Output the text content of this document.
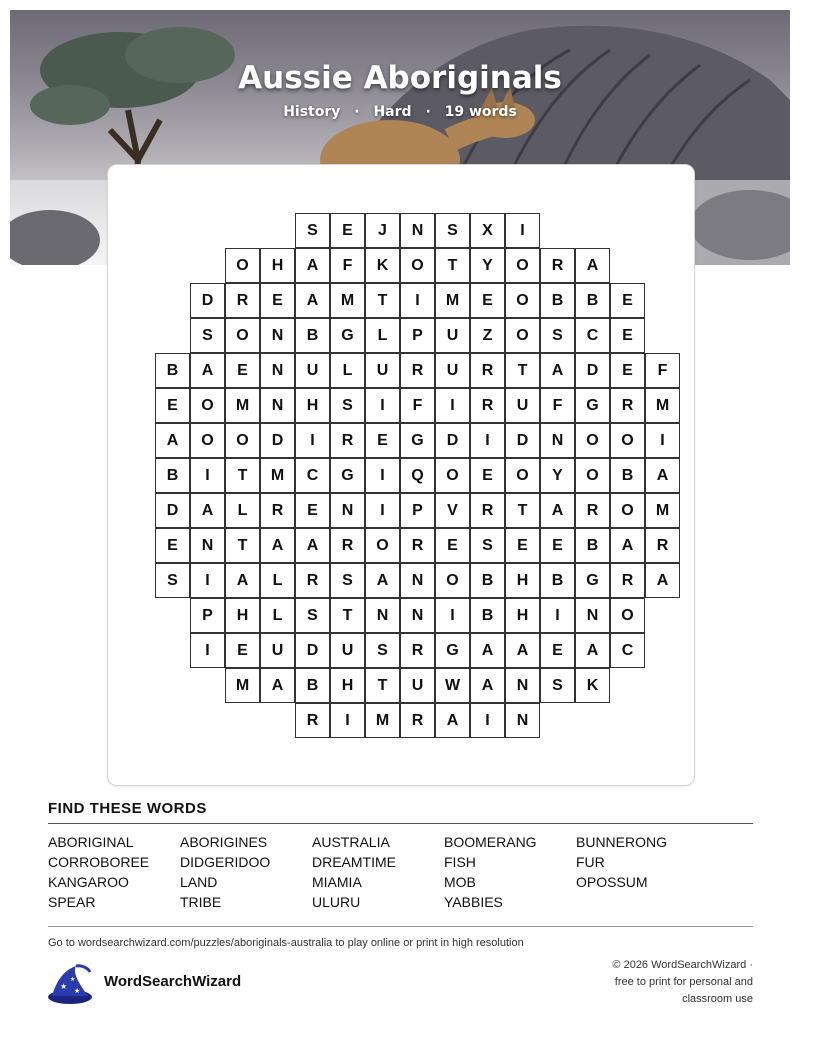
Aussie Aboriginals
History · Hard · 19 words
S	E	J	N	S	X	I
O	H	A	F	K	O	T	Y	O	R	A
D	R	E	A	M	T	I	M	E	O	B	B	E
S	O	N	B	G	L	P	U	Z	O	S	C	E
B	A	E	N	U	L	U	R	U	R	T	A	D	E	F
E	O	M	N	H	S	I	F	I	R	U	F	G	R	M
A	O	O	D	I	R	E	G	D	I	D	N	O	O	I
B	I	T	M	C	G	I	Q	O	E	O	Y	O	B	A
D	A	L	R	E	N	I	P	V	R	T	A	R	O	M
E	N	T	A	A	R	O	R	E	S	E	E	B	A	R
S	I	A	L	R	S	A	N	O	B	H	B	G	R	A
P	H	L	S	T	N	N	I	B	H	I	N	O
I	E	U	D	U	S	R	G	A	A	E	A	C
M	A	B	H	T	U	W	A	N	S	K
R	I	M	R	A	I	N
FIND THESE WORDS
ABORIGINAL	ABORIGINES	AUSTRALIA	BOOMERANG	BUNNERONG
CORROBOREE	DIDGERIDOO	DREAMTIME	FISH	FUR
KANGAROO	LAND	MIAMIA	MOB	OPOSSUM
SPEAR	TRIBE	ULURU	YABBIES
Go to wordsearchwizard.com/puzzles/aboriginals-australia to play online or print in high resolution
★
★
★
WordSearchWizard
© 2026 WordSearchWizard ·
free to print for personal and
classroom use
